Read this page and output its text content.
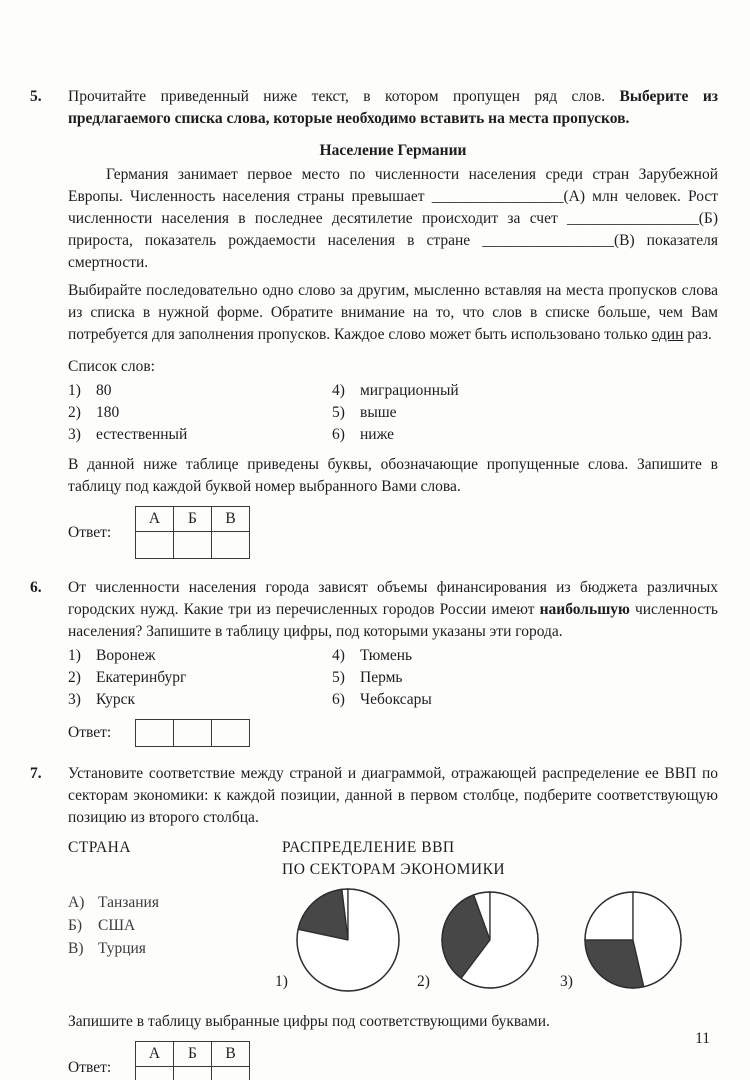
5.	Прочитайте приведенный ниже текст, в котором пропущен ряд слов. Выберите из предлагаемого списка слова, которые необходимо вставить на места пропусков.
Население Германии
Германия занимает первое место по численности населения среди стран Зарубежной Европы. Численность населения страны превышает _________________(А) млн человек. Рост численности населения в последнее десятилетие происходит за счет _________________(Б) прироста, показатель рождаемости населения в стране _________________(В) показателя смертности.
Выбирайте последовательно одно слово за другим, мысленно вставляя на места пропусков слова из списка в нужной форме. Обратите внимание на то, что слов в списке больше, чем Вам потребуется для заполнения пропусков. Каждое слово может быть использовано только один раз.
Список слов:
1) 80
2) 180
3) естественный
4) миграционный
5) выше
6) ниже
В данной ниже таблице приведены буквы, обозначающие пропущенные слова. Запишите в таблицу под каждой буквой номер выбранного Вами слова.
Ответ:
А	Б	В

6.	От численности населения города зависят объемы финансирования из бюджета различных городских нужд. Какие три из перечисленных городов России имеют наибольшую численность населения? Запишите в таблицу цифры, под которыми указаны эти города.
1) Воронеж
2) Екатеринбург
3) Курск
4) Тюмень
5) Пермь
6) Чебоксары
Ответ:

7.	Установите соответствие между страной и диаграммой, отражающей распределение ее ВВП по секторам экономики: к каждой позиции, данной в первом столбце, подберите соответствующую позицию из второго столбца.
СТРАНА	РАСПРЕДЕЛЕНИЕ ВВП
ПО СЕКТОРАМ ЭКОНОМИКИ
А) Танзания
Б)	США
В) Турция
1)	2)	3)
Запишите в таблицу выбранные цифры под соответствующими буквами.
Ответ:
А	Б	В

11
